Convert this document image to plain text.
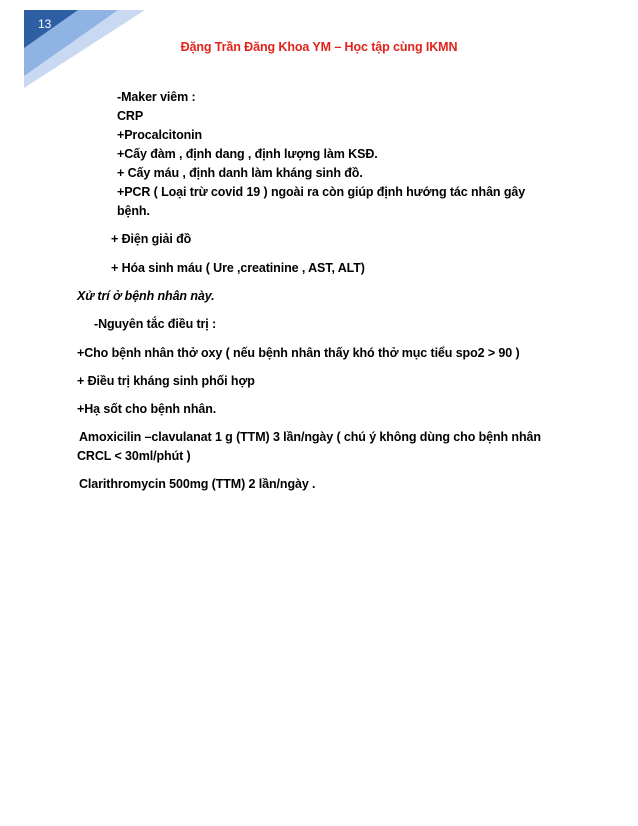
13
Đặng Trần Đăng Khoa YM – Học tập cùng IKMN
-Maker viêm :
CRP
+Procalcitonin
+Cấy đàm , định dang , định lượng làm KSĐ.
+ Cấy máu , định danh làm kháng sinh đồ.
+PCR ( Loại trừ covid 19 ) ngoài ra còn giúp định hướng tác nhân gây
bệnh.
+ Điện giải đồ
+ Hóa sinh máu ( Ure ,creatinine , AST, ALT)
Xử trí ở bệnh nhân này.
-Nguyên tắc điều trị :
+Cho bệnh nhân thở oxy ( nếu bệnh nhân thấy khó thở mục tiểu spo2 > 90 )
+ Điều trị kháng sinh phối hợp
+Hạ sốt cho bệnh nhân.
Amoxicilin –clavulanat 1 g (TTM) 3 lần/ngày ( chú ý không dùng cho bệnh nhân
CRCL < 30ml/phút )
Clarithromycin 500mg (TTM) 2 lần/ngày .
